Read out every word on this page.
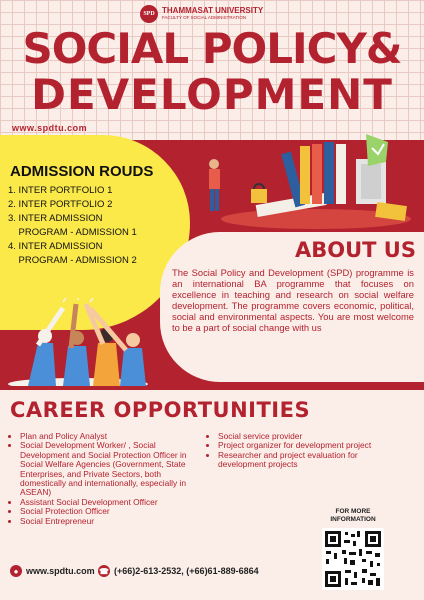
SPD THAMMASAT UNIVERSITY
FACULTY OF SOCIAL ADMINISTRATION
SOCIAL POLICY&
DEVELOPMENT
www.spdtu.com
ADMISSION ROUDS
1. INTER PORTFOLIO 1
2. INTER PORTFOLIO 2
3. INTER ADMISSION
PROGRAM - ADMISSION 1
4. INTER ADMISSION
PROGRAM - ADMISSION 2	ABOUT US
The Social Policy and Development (SPD) programme is an international BA programme that focuses on excellence in teaching and research on social welfare development. The programme covers economic, political, social and environmental aspects. You are most welcome to be a part of social change with us
CAREER OPPORTUNITIES
• Plan and Policy Analyst
• Social Development Worker/ , Social Development and Social Protection Officer in Social Welfare Agencies (Government, State Enterprises, and Private Sectors, both domestically and internationally, especially in ASEAN)
• Assistant Social Development Officer
• Social Protection Officer
• Social Entrepreneur
• Social service provider
• Project organizer for development project
• Researcher and project evaluation for development projects
FOR MORE INFORMATION
● www.spdtu.com ☎ (+66)2-613-2532, (+66)61-889-6864
